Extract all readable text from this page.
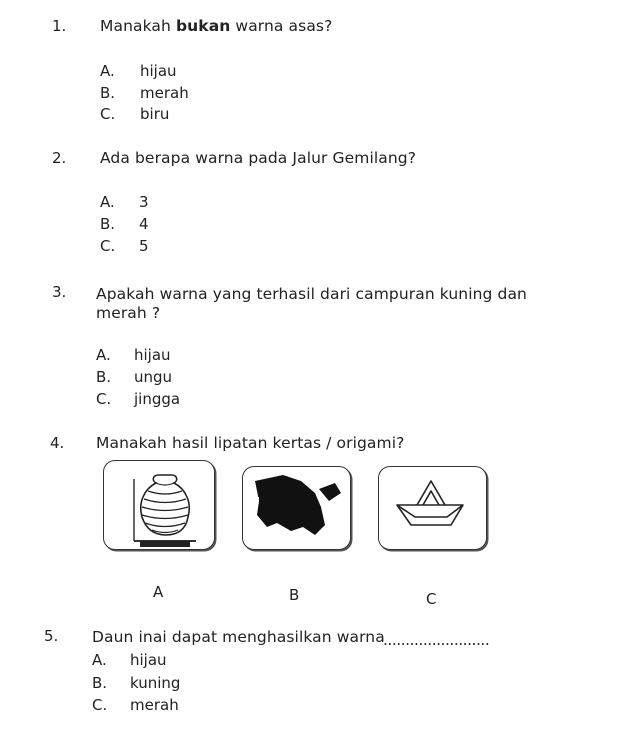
1. Manakah bukan warna asas?
A. hijau
B. merah
C. biru
2. Ada berapa warna pada Jalur Gemilang?
A. 3
B. 4
C. 5
3. Apakah warna yang terhasil dari campuran kuning dan
merah ?
A. hijau
B. ungu
C. jingga
4. Manakah hasil lipatan kertas / origami?
A	B	C
5. Daun inai dapat menghasilkan warna
........................
A. hijau
B. kuning
C. merah
